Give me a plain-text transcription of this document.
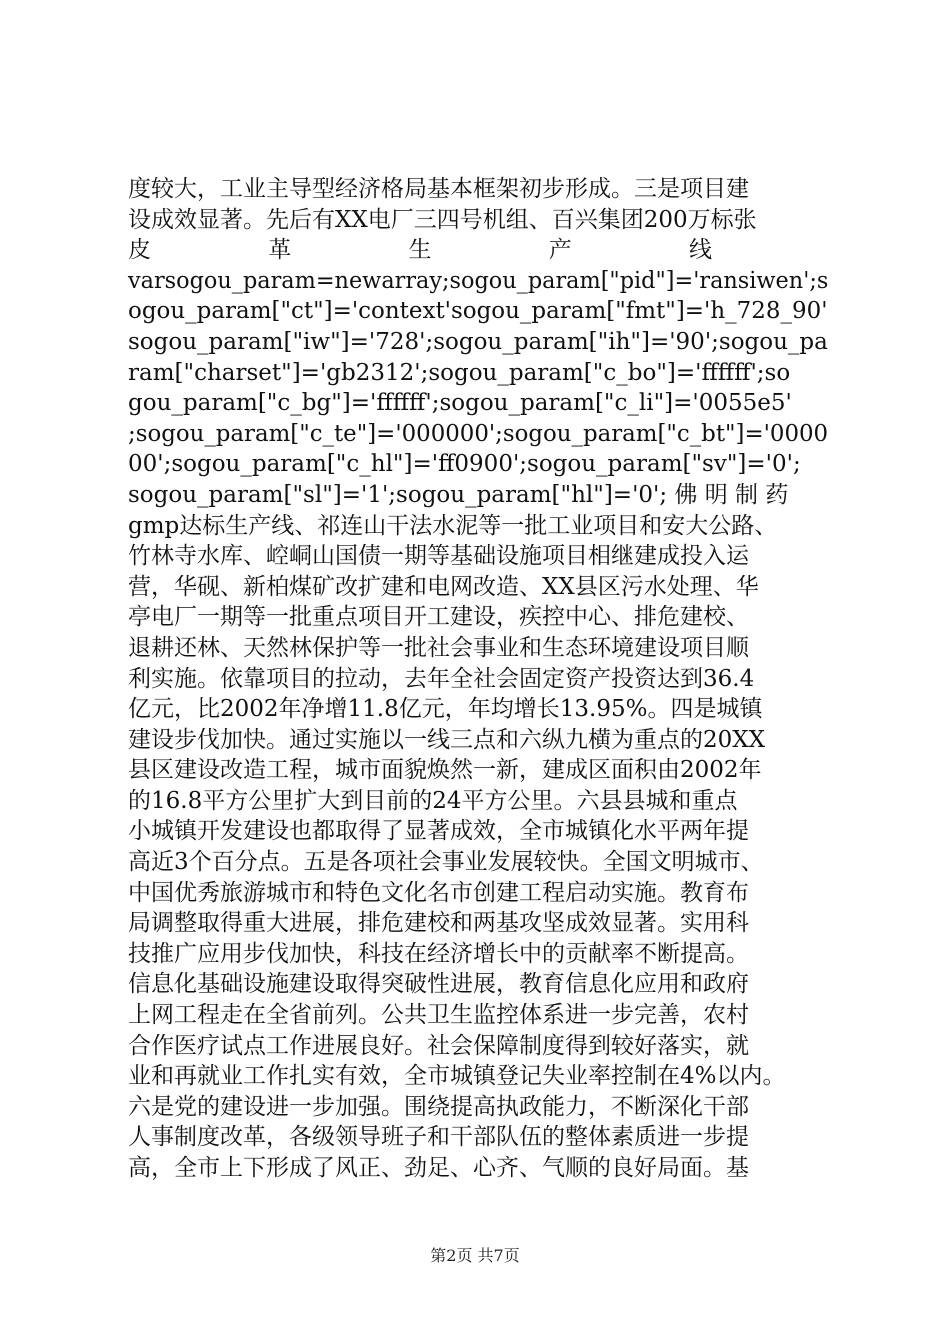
度较大，工业主导型经济格局基本框架初步形成。三是项目建
设成效显著。先后有XX电厂三四号机组、百兴集团200万标张
皮	革	生	产	线
varsogou_param=newarray;sogou_param["pid"]='ransiwen';s
ogou_param["ct"]='context'sogou_param["fmt"]='h_728_90'
sogou_param["iw"]='728';sogou_param["ih"]='90';sogou_pa
ram["charset"]='gb2312';sogou_param["c_bo"]='ffffff';so
gou_param["c_bg"]='ffffff';sogou_param["c_li"]='0055e5'
;sogou_param["c_te"]='000000';sogou_param["c_bt"]='0000
00';sogou_param["c_hl"]='ff0900';sogou_param["sv"]='0';
sogou_param["sl"]='1';sogou_param["hl"]='0'; 佛 明 制 药
gmp达标生产线、祁连山干法水泥等一批工业项目和安大公路、
竹林寺水库、崆峒山国债一期等基础设施项目相继建成投入运
营，华砚、新柏煤矿改扩建和电网改造、XX县区污水处理、华
亭电厂一期等一批重点项目开工建设，疾控中心、排危建校、
退耕还林、天然林保护等一批社会事业和生态环境建设项目顺
利实施。依靠项目的拉动，去年全社会固定资产投资达到36.4
亿元，比2002年净增11.8亿元，年均增长13.95%。四是城镇
建设步伐加快。通过实施以一线三点和六纵九横为重点的20XX
县区建设改造工程，城市面貌焕然一新，建成区面积由2002年
的16.8平方公里扩大到目前的24平方公里。六县县城和重点
小城镇开发建设也都取得了显著成效，全市城镇化水平两年提
高近3个百分点。五是各项社会事业发展较快。全国文明城市、
中国优秀旅游城市和特色文化名市创建工程启动实施。教育布
局调整取得重大进展，排危建校和两基攻坚成效显著。实用科
技推广应用步伐加快，科技在经济增长中的贡献率不断提高。
信息化基础设施建设取得突破性进展，教育信息化应用和政府
上网工程走在全省前列。公共卫生监控体系进一步完善，农村
合作医疗试点工作进展良好。社会保障制度得到较好落实，就
业和再就业工作扎实有效，全市城镇登记失业率控制在4%以内。
六是党的建设进一步加强。围绕提高执政能力，不断深化干部
人事制度改革，各级领导班子和干部队伍的整体素质进一步提
高，全市上下形成了风正、劲足、心齐、气顺的良好局面。基
第2页 共7页
